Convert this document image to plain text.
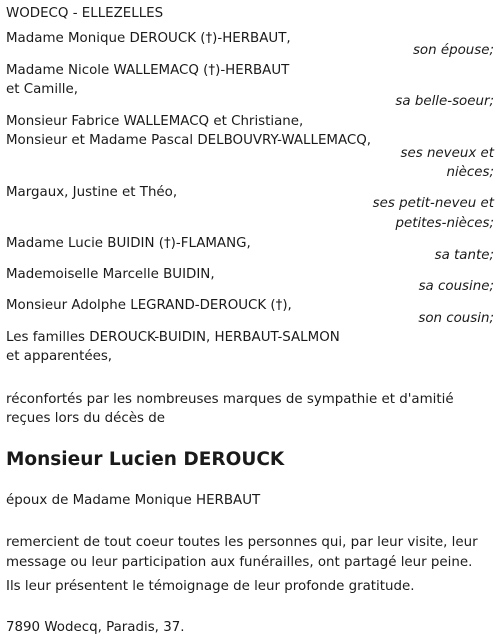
WODECQ - ELLEZELLES
Madame Monique DEROUCK (†)-HERBAUT,
son épouse;
Madame Nicole WALLEMACQ (†)-HERBAUT
et Camille,
sa belle-soeur;
Monsieur Fabrice WALLEMACQ et Christiane,
Monsieur et Madame Pascal DELBOUVRY-WALLEMACQ,
ses neveux et
nièces;
Margaux, Justine et Théo,
ses petit-neveu et
petites-nièces;
Madame Lucie BUIDIN (†)-FLAMANG,
sa tante;
Mademoiselle Marcelle BUIDIN,
sa cousine;
Monsieur Adolphe LEGRAND-DEROUCK (†),
son cousin;
Les familles DEROUCK-BUIDIN, HERBAUT-SALMON
et apparentées,
réconfortés par les nombreuses marques de sympathie et d'amitié
reçues lors du décès de
Monsieur Lucien DEROUCK
époux de Madame Monique HERBAUT
remercient de tout coeur toutes les personnes qui, par leur visite, leur
message ou leur participation aux funérailles, ont partagé leur peine.
Ils leur présentent le témoignage de leur profonde gratitude.
7890 Wodecq, Paradis, 37.
